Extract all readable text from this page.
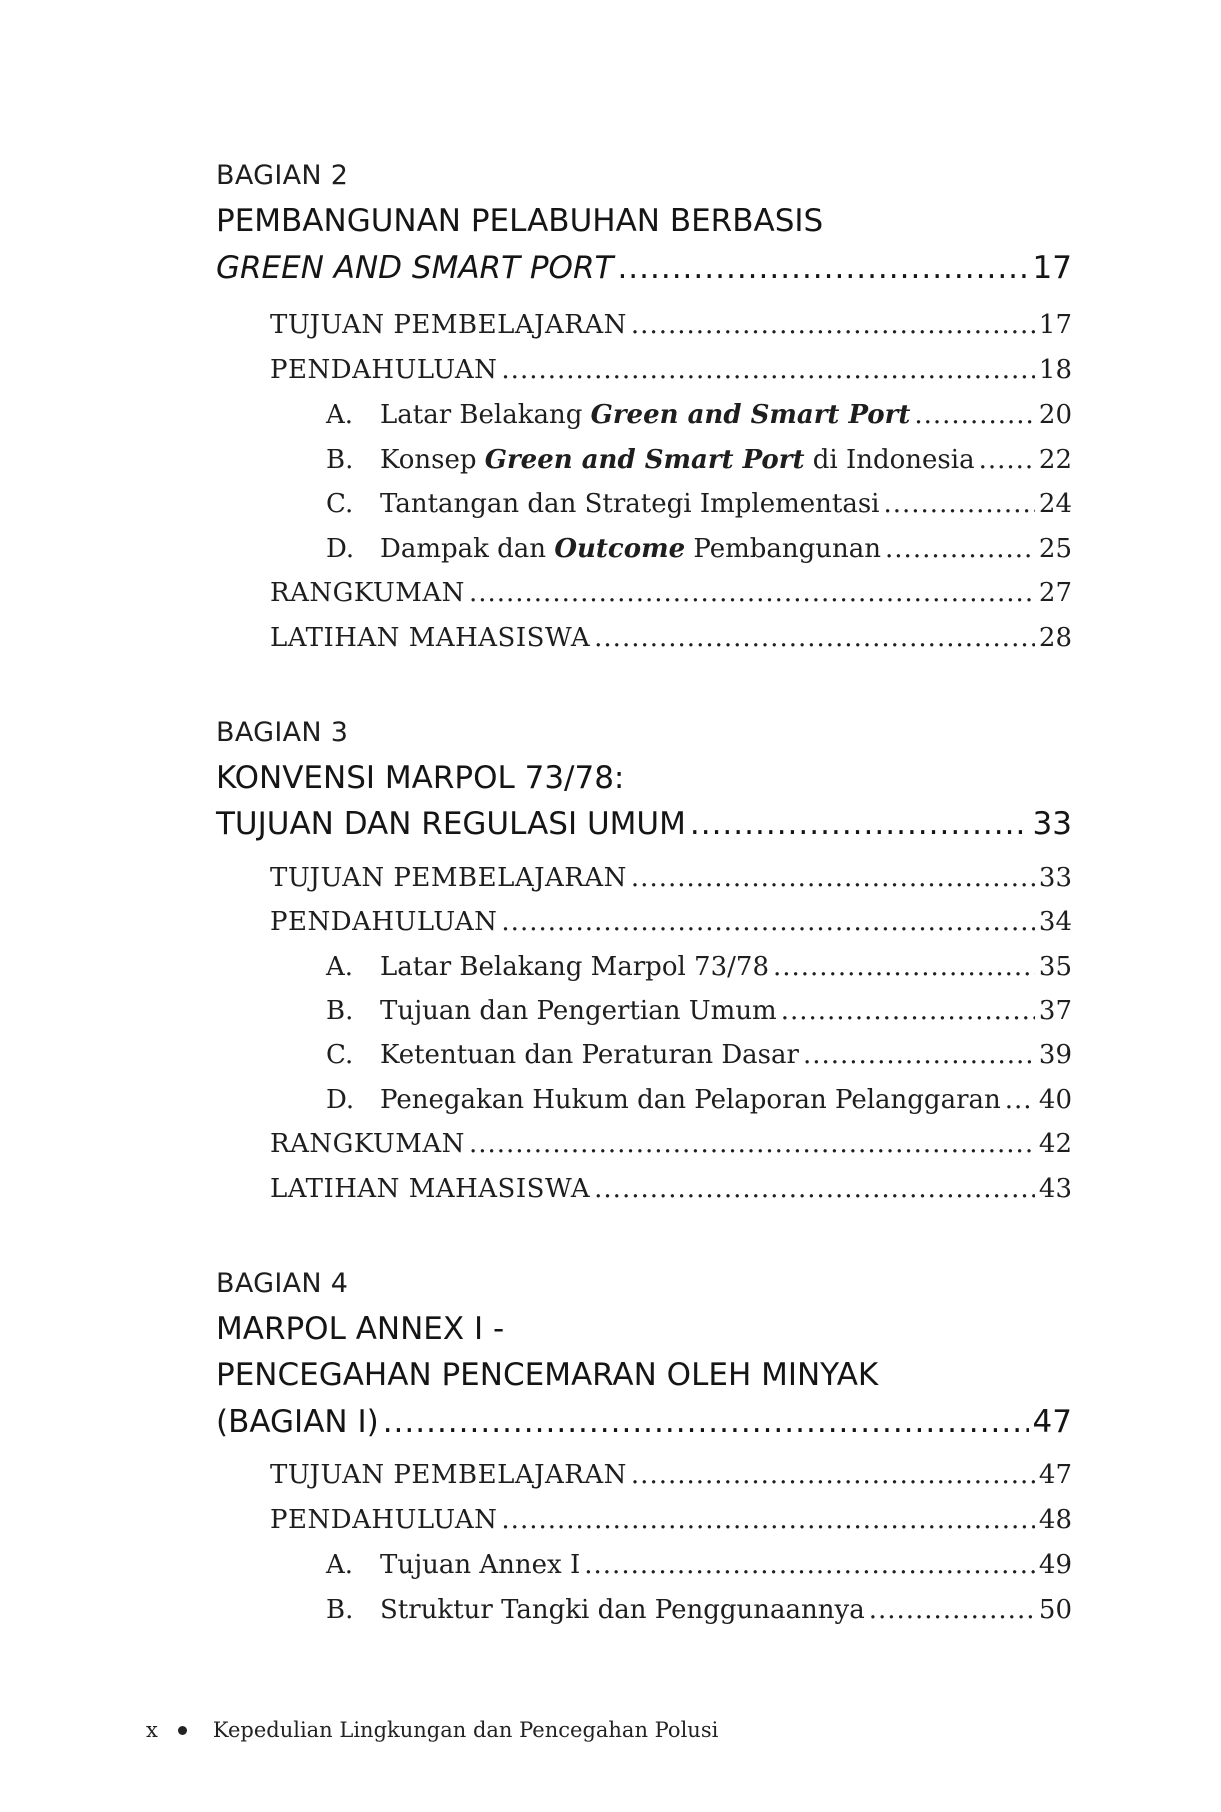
BAGIAN 2
PEMBANGUNAN PELABUHAN BERBASIS
GREEN AND SMART PORT .....	17
TUJUAN PEMBELAJARAN .....	17
PENDAHULUAN .....	18
A.	Latar Belakang Green and Smart Port .....	20
B.	Konsep Green and Smart Port di Indonesia ..... 22
C.	Tantangan dan Strategi Implementasi .....	24
D. Dampak dan Outcome Pembangunan .....	25
RANGKUMAN .....	27
LATIHAN MAHASISWA .....	28
BAGIAN 3
KONVENSI MARPOL 73/78:
TUJUAN DAN REGULASI UMUM .....	33
TUJUAN PEMBELAJARAN .....	33
PENDAHULUAN .....	34
A.	Latar Belakang Marpol 73/78 .....	35
B.	Tujuan dan Pengertian Umum .....	37
C.	Ketentuan dan Peraturan Dasar .....	39
D. Penegakan Hukum dan Pelaporan Pelanggaran ..... 40
RANGKUMAN .....	42
LATIHAN MAHASISWA .....	43
BAGIAN 4
MARPOL ANNEX I -
PENCEGAHAN PENCEMARAN OLEH MINYAK
(BAGIAN I) .....	47
TUJUAN PEMBELAJARAN .....	47
PENDAHULUAN .....	48
A.	Tujuan Annex I .....	49
B.	Struktur Tangki dan Penggunaannya .....	50
x	Kepedulian Lingkungan dan Pencegahan Polusi
